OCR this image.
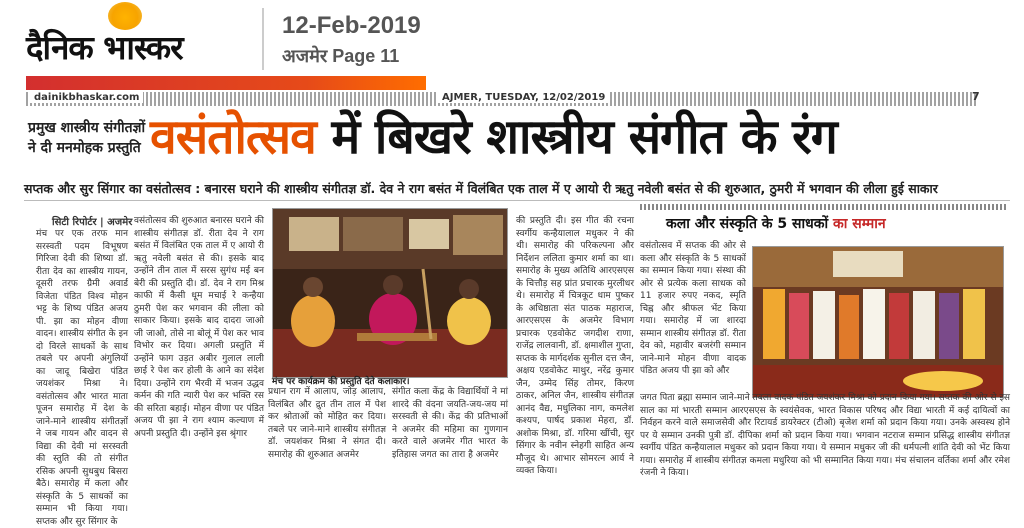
दैनिक भास्कर
12-Feb-2019
अजमेर Page 11
dainikbhaskar.com	AJMER, TUESDAY, 12/02/2019	7
प्रमुख शास्त्रीय संगीतज्ञों ने दी मनमोहक प्रस्तुति वसंतोत्सव में बिखरे शास्त्रीय संगीत के रंग
सप्तक और सुर सिंगार का वसंतोत्सव : बनारस घराने की शास्त्रीय संगीतज्ञ डॉ. देव ने राग बसंत में विलंबित एक ताल में ए आयो री ऋतु नवेली बसंत से की शुरुआत, ठुमरी में भगवान की लीला हुई साकार
सिटी रिपोर्टर | अजमेर
मंच पर एक तरफ मान सरस्वती पदम विभूषण गिरिजा देवी की शिष्या डॉ. रीता देव का शास्त्रीय गायन, दूसरी तरफ ग्रैमी अवार्ड विजेता पंडित विश्व मोहन भट्ट के शिष्य पंडित अजय पी. झा का मोहन वीणा वादन। शास्त्रीय संगीत के इन दो विरले साधकों के साथ तबले पर अपनी अंगुलियों का जादू बिखेरा पंडित जयशंकर मिश्रा ने। वसंतोत्सव और भारत माता पूजन समारोह में देश के जाने-माने शास्त्रीय संगीतज्ञों ने जब गायन और वादन से विद्या की देवी मां सरस्वती की स्तुति की तो संगीत रसिक अपनी सुधबुध बिसरा बैठे। समारोह में कला और संस्कृति के 5 साधकों का सम्मान भी किया गया। सप्तक और सुर सिंगार के
वसंतोत्सव की शुरुआत बनारस घराने की शास्त्रीय संगीतज्ञ डॉ. रीता देव ने राग बसंत में विलंबित एक ताल में ए आयो री ऋतु नवेली बसंत से की। इसके बाद उन्होंने तीन ताल में सरस सुगंध मई बन बेरी की प्रस्तुति दी। डॉ. देव ने राग मिश्र काफी में कैसी धूम मचाई रे कन्हैया ठुमरी पेश कर भगवान की लीला को साकार किया। इसके बाद दादरा जाओ जी जाओ, तोसे ना बोलूं में पेश कर भाव विभोर कर दिया। अगली प्रस्तुति में उन्होंने फाग उड़त अबीर गुलाल लाली छाई रे पेश कर होली के आने का संदेश दिया। उन्होंने राग भैरवी में भजन उद्धव कर्मन की गति न्यारी पेश कर भक्ति रस की सरिता बहाई। मोहन वीणा पर पंडित अजय पी झा ने राग श्याम कल्याण में अपनी प्रस्तुति दी। उन्होंने इस श्रृंगार
मंच पर कार्यक्रम की प्रस्तुति देते कलाकार।
प्रधान राग में आलाप, जोड़ आलाप, विलंबित और द्रुत तीन ताल में पेश कर श्रोताओं को मोहित कर दिया। तबले पर जाने-माने शास्त्रीय संगीतज्ञ डॉ. जयशंकर मिश्रा ने संगत दी। समारोह की शुरुआत अजमेर
संगीत कला केंद्र के विद्यार्थियों ने मां शारदे की वंदना जयति-जय-जय मां सरस्वती से की। केंद्र की प्रतिभाओं ने अजमेर की महिमा का गुणगान करते वाले अजमेर गीत भारत के इतिहास जगत का तारा है अजमेर
की प्रस्तुति दी। इस गीत की रचना स्वर्गीय कन्हैयालाल मधुकर ने की थी। समारोह की परिकल्पना और निर्देशन ललिता कुमार शर्मा का था। समारोह के मुख्य अतिथि आरएसएस के चित्तौड़ सह प्रांत प्रचारक मुरलीधर थे। समारोह में चित्रकूट धाम पुष्कर के अधिष्ठाता संत पाठक महाराज, आरएसएस के अजमेर विभाग प्रचारक एडवोकेट जगदीश राणा, राजेंद्र लालवानी, डॉ. क्षमाशील गुप्ता, सप्तक के मार्गदर्शक सुनील दत्त जैन, अक्षय एडवोकेट माथुर, नरेंद्र कुमार जैन, उम्मेद सिंह तोमर, किरण ठाकर, अनिल जैन, शास्त्रीय संगीतज्ञ आनंद वैद्य, मधुलिका नाग, कमलेश कश्यप, पार्षद प्रकाश मेहरा, डॉ. अशोक मिश्रा, डॉ. गरिमा खींची, सुर सिंगार के नवीन स्नेहगी साहित अन्य मौजूद थे। आभार सोमरत्न आर्य ने व्यक्त किया।
कला और संस्कृति के 5 साधकों का सम्मान
वसंतोत्सव में सप्तक की ओर से कला और संस्कृति के 5 साधकों का सम्मान किया गया। संस्था की ओर से प्रत्येक कला साधक को 11 हजार रुपए नकद, स्मृति चिह्न और श्रीफल भेंट किया गया। समारोह में जा शारदा सम्मान शास्त्रीय संगीतज्ञ डॉ. रीता देव को, महावीर बजरंगी सम्मान जाने-माने मोहन वीणा वादक पंडित अजय पी झा को और
जगत पिता ब्रह्मा सम्मान जाने-माने तबला वादक पंडित जयशंकर मिश्रा को प्रदान किया गया। सप्तक की ओर से इस साल का मां भारती सम्मान आरएसएस के स्वयंसेवक, भारत विकास परिषद और विद्या भारती में कई दायित्वों का निर्वहन करने वाले समाजसेवी और रिटायर्ड डायरेक्टर (टीओ) बृजेश शर्मा को प्रदान किया गया। उनके अस्वस्थ होने पर ये सम्मान उनकी पुत्री डॉ. दीपिका शर्मा को प्रदान किया गया। भगवान नटराज सम्मान प्रसिद्ध शास्त्रीय संगीतज्ञ स्वर्गीय पंडित कन्हैयालाल मधुकर को प्रदान किया गया। ये सम्मान मधुकर जी की धर्मपत्नी शांति देवी को भेंट किया गया। समारोह में शास्त्रीय संगीतज्ञ कमला मधुरिया को भी सम्मानित किया गया। मंच संचालन वर्तिका शर्मा और रमेश रंजनी ने किया।
